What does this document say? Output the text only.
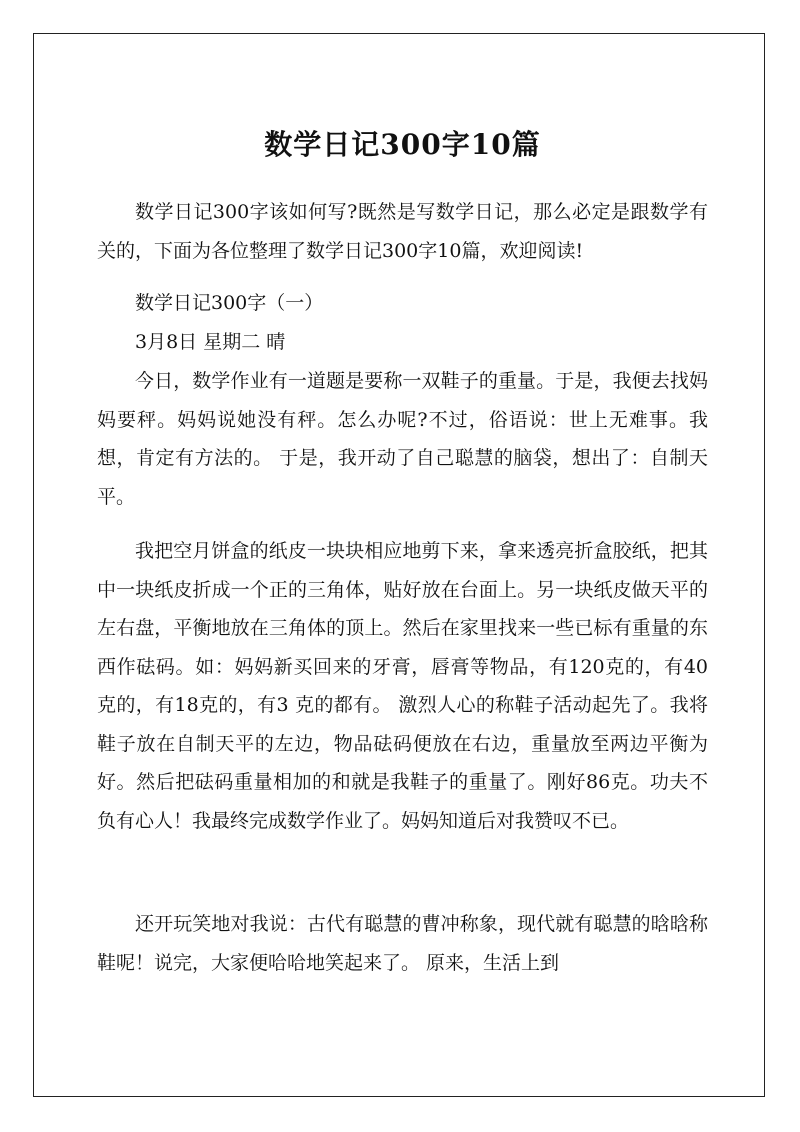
数学日记300字10篇

数学日记300字该如何写?既然是写数学日记，那么必定是跟数学有关的，下面为各位整理了数学日记300字10篇，欢迎阅读!

数学日记300字（一）

3月8日 星期二 晴

今日，数学作业有一道题是要称一双鞋子的重量。于是，我便去找妈妈要秤。妈妈说她没有秤。怎么办呢?不过，俗语说：世上无难事。我想，肯定有方法的。 于是，我开动了自己聪慧的脑袋，想出了：自制天平。

我把空月饼盒的纸皮一块块相应地剪下来，拿来透亮折盒胶纸，把其中一块纸皮折成一个正的三角体，贴好放在台面上。另一块纸皮做天平的左右盘，平衡地放在三角体的顶上。然后在家里找来一些已标有重量的东西作砝码。如：妈妈新买回来的牙膏，唇膏等物品，有120克的，有40克的，有18克的，有3 克的都有。 激烈人心的称鞋子活动起先了。我将鞋子放在自制天平的左边，物品砝码便放在右边，重量放至两边平衡为好。然后把砝码重量相加的和就是我鞋子的重量了。刚好86克。功夫不负有心人！我最终完成数学作业了。妈妈知道后对我赞叹不已。

还开玩笑地对我说：古代有聪慧的曹冲称象，现代就有聪慧的晗晗称鞋呢！说完，大家便哈哈地笑起来了。 原来，生活上到
